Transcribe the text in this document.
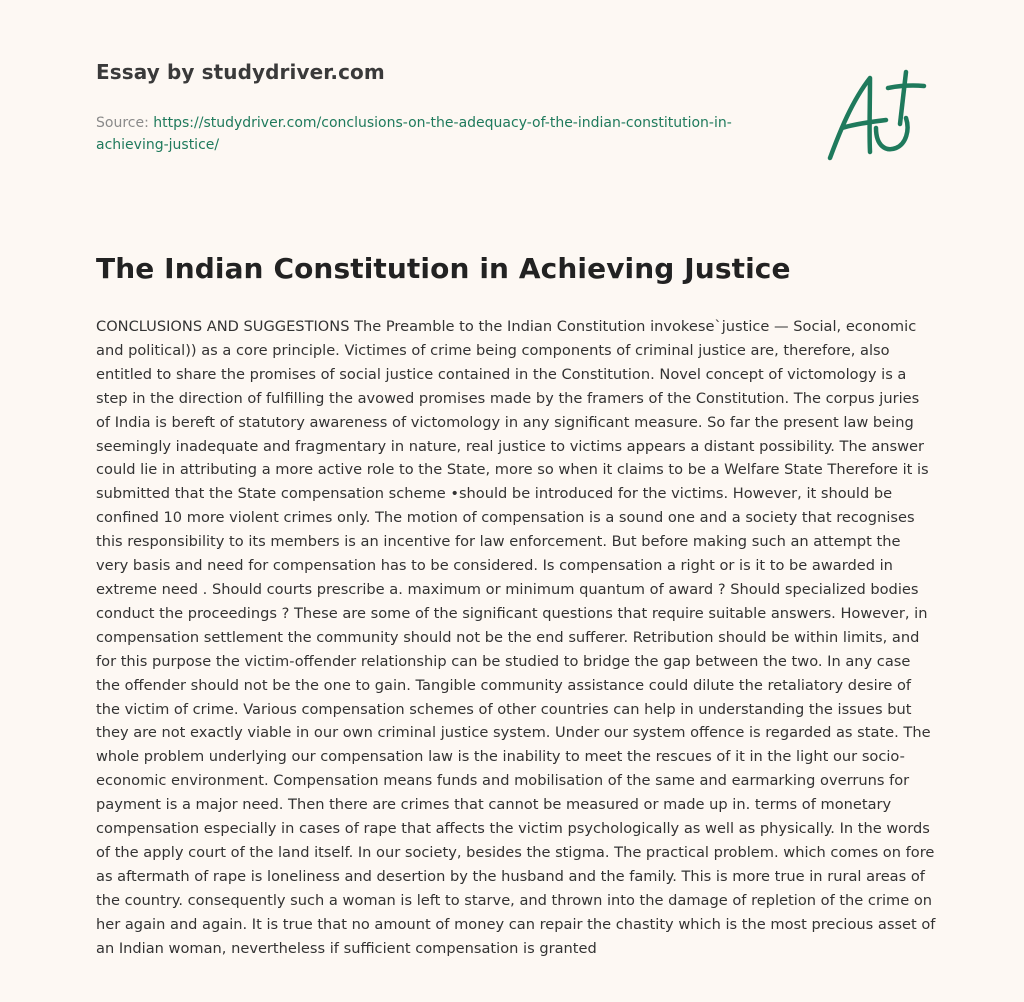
Essay by studydriver.com
Source: https://studydriver.com/conclusions-on-the-adequacy-of-the-indian-constitution-in-achieving-justice/
The Indian Constitution in Achieving Justice

CONCLUSIONS AND SUGGESTIONS The Preamble to the Indian Constitution invokese`justice — Social, economic and political)) as a core principle. Victimes of crime being components of criminal justice are, therefore, also entitled to share the promises of social justice contained in the Constitution. Novel concept of victomology is a step in the direction of fulfilling the avowed promises made by the framers of the Constitution. The corpus juries of India is bereft of statutory awareness of victomology in any significant measure. So far the present law being seemingly inadequate and fragmentary in nature, real justice to victims appears a distant possibility. The answer could lie in attributing a more active role to the State, more so when it claims to be a Welfare State Therefore it is submitted that the State compensation scheme •should be introduced for the victims. However, it should be confined 10 more violent crimes only. The motion of compensation is a sound one and a society that recognises this responsibility to its members is an incentive for law enforcement. But before making such an attempt the very basis and need for compensation has to be considered. Is compensation a right or is it to be awarded in extreme need . Should courts prescribe a. maximum or minimum quantum of award ? Should specialized bodies conduct the proceedings ? These are some of the significant questions that require suitable answers. However, in compensation settlement the community should not be the end sufferer. Retribution should be within limits, and for this purpose the victim-offender relationship can be studied to bridge the gap between the two. In any case the offender should not be the one to gain. Tangible community assistance could dilute the retaliatory desire of the victim of crime. Various compensation schemes of other countries can help in understanding the issues but they are not exactly viable in our own criminal justice system. Under our system offence is regarded as state. The whole problem underlying our compensation law is the inability to meet the rescues of it in the light our socio-economic environment. Compensation means funds and mobilisation of the same and earmarking overruns for payment is a major need. Then there are crimes that cannot be measured or made up in. terms of monetary compensation especially in cases of rape that affects the victim psychologically as well as physically. In the words of the apply court of the land itself. In our society, besides the stigma. The practical problem. which comes on fore as aftermath of rape is loneliness and desertion by the husband and the family. This is more true in rural areas of the country. consequently such a woman is left to starve, and thrown into the damage of repletion of the crime on her again and again. It is true that no amount of money can repair the chastity which is the most precious asset of an Indian woman, nevertheless if sufficient compensation is granted
